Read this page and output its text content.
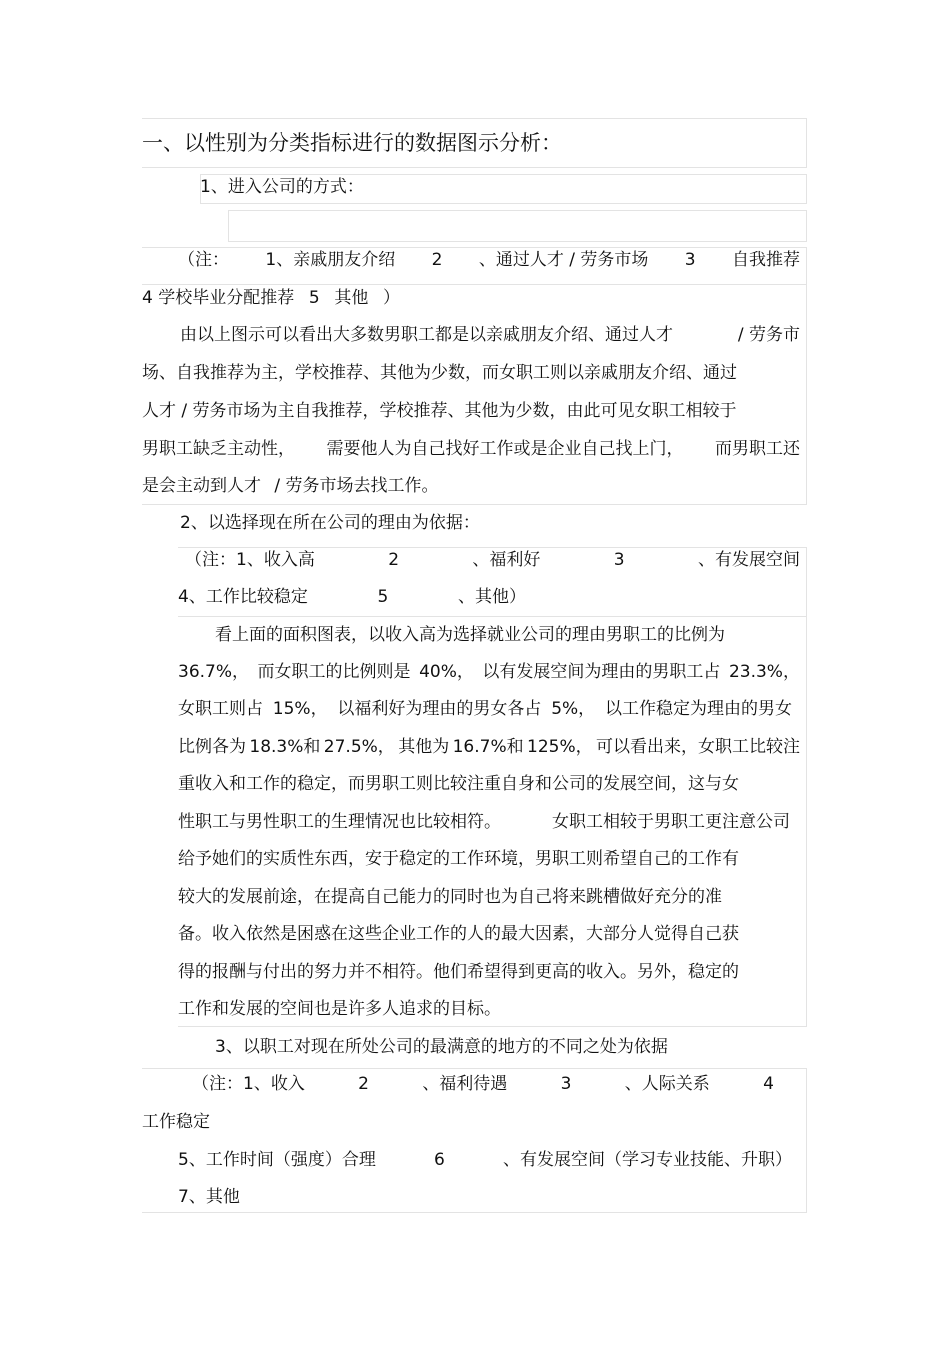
一、以性别为分类指标进行的数据图示分析：
1、进入公司的方式：
（注： 1、亲戚朋友介绍 2 、通过人才 / 劳务市场 3 自我推荐
4 学校毕业分配推荐 5 其他 ）
由以上图示可以看出大多数男职工都是以亲戚朋友介绍、通过人才	/ 劳务市
场、自我推荐为主，学校推荐、其他为少数，而女职工则以亲戚朋友介绍、通过
人才 / 劳务市场为主自我推荐，学校推荐、其他为少数，由此可见女职工相较于
男职工缺乏主动性， 需要他人为自己找好工作或是企业自己找上门， 而男职工还
是会主动到人才 / 劳务市场去找工作。
2、以选择现在所在公司的理由为依据：
（注：1、收入高	2	、福利好	3	、有发展空间
4、工作比较稳定	5	、其他）
看上面的面积图表，以收入高为选择就业公司的理由男职工的比例为
36.7%， 而女职工的比例则是 40%， 以有发展空间为理由的男职工占 23.3%，
女职工则占 15%， 以福利好为理由的男女各占 5%， 以工作稳定为理由的男女
比例各为 18.3%和 27.5%， 其他为 16.7%和 125%， 可以看出来，女职工比较注
重收入和工作的稳定，而男职工则比较注重自身和公司的发展空间，这与女
性职工与男性职工的生理情况也比较相符。	女职工相较于男职工更注意公司
给予她们的实质性东西，安于稳定的工作环境，男职工则希望自己的工作有
较大的发展前途，在提高自己能力的同时也为自己将来跳槽做好充分的准
备。收入依然是困惑在这些企业工作的人的最大因素，大部分人觉得自己获
得的报酬与付出的努力并不相符。他们希望得到更高的收入。另外，稳定的
工作和发展的空间也是许多人追求的目标。
3、以职工对现在所处公司的最满意的地方的不同之处为依据
（注：1、收入	2	、福利待遇	3	、人际关系	4
工作稳定
5、工作时间（强度）合理	6	、有发展空间（学习专业技能、升职）
7、其他
